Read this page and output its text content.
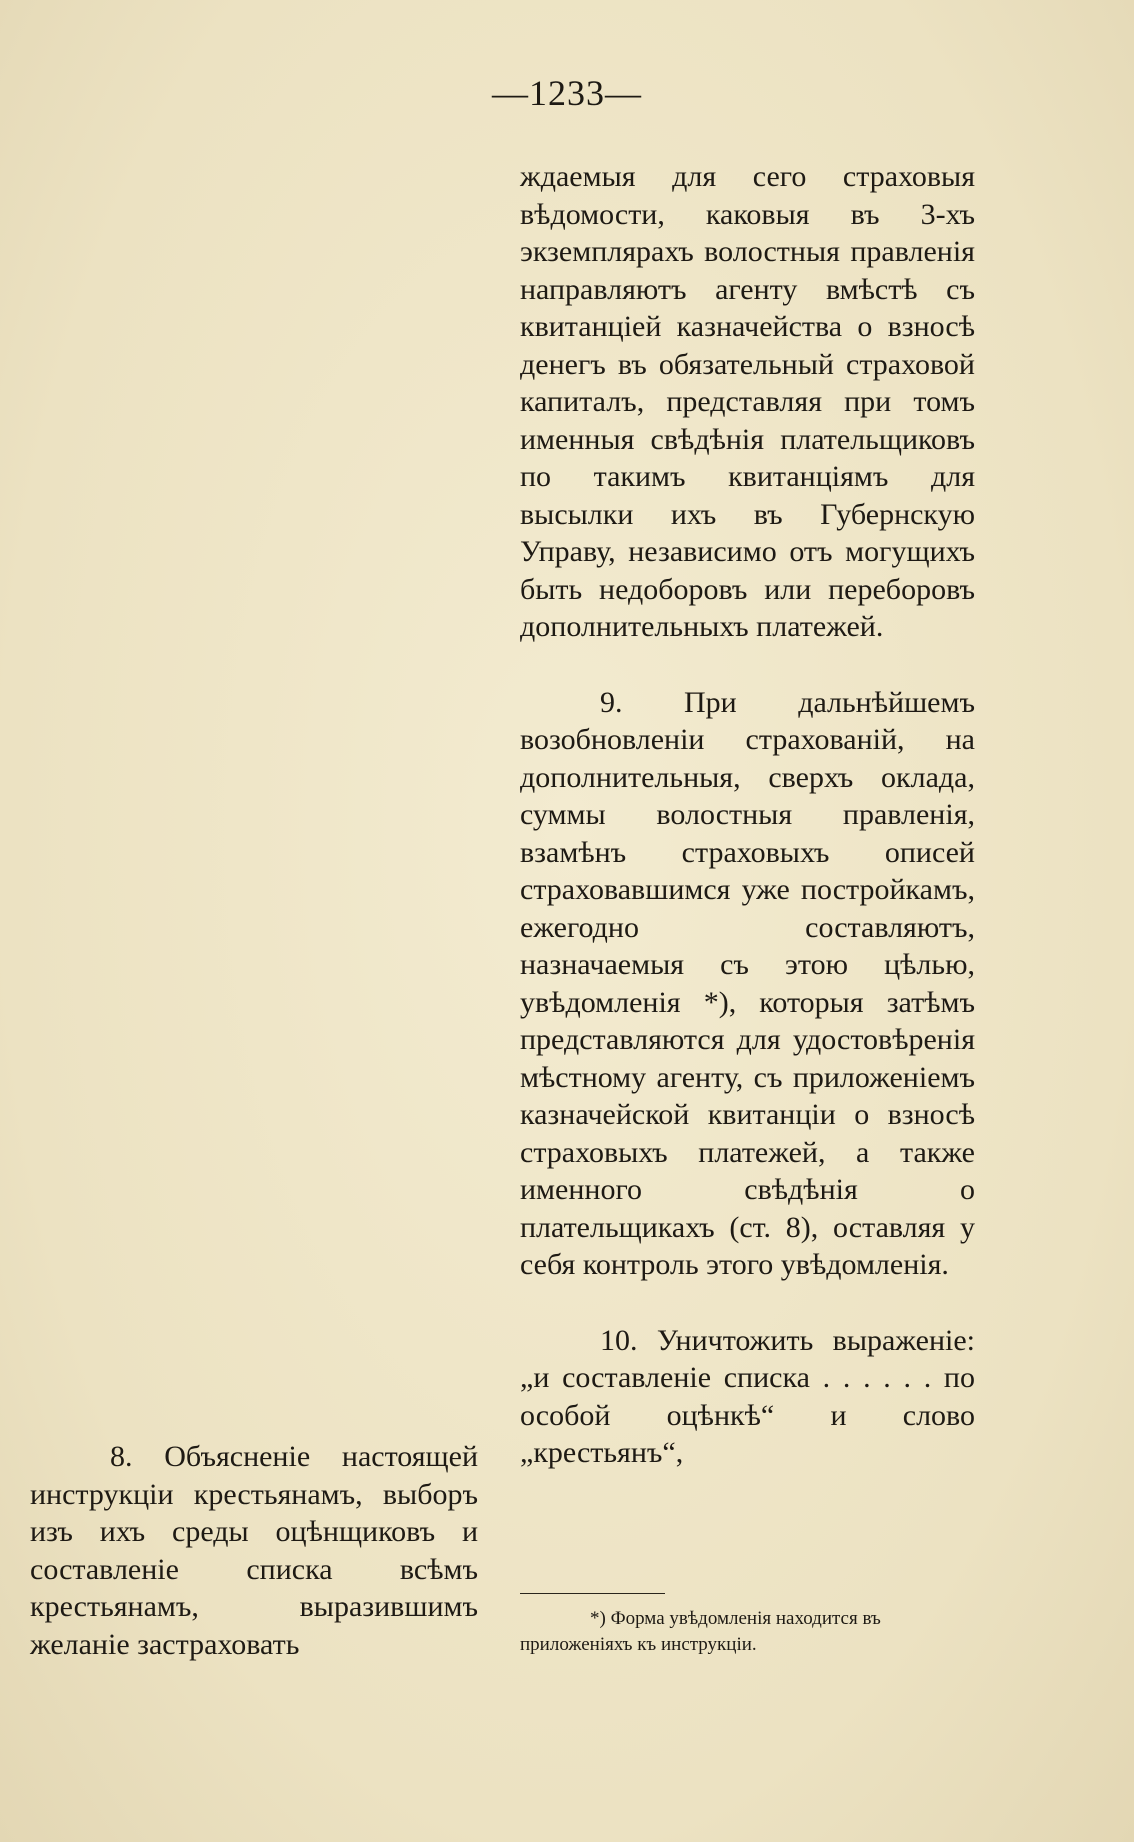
—1233—

ждаемыя для сего страховыя вѣдомости, каковыя въ 3-хъ экземплярахъ волостныя правленія направляютъ агенту вмѣстѣ съ квитанціей казначейства о взносѣ денегъ въ обязательный страховой капиталъ, представляя при томъ именныя свѣдѣнія плательщиковъ по такимъ квитанціямъ для высылки ихъ въ Губернскую Управу, независимо отъ могущихъ быть недоборовъ или переборовъ дополнительныхъ платежей.

9. При дальнѣйшемъ возобновленіи страхованій, на дополнительныя, сверхъ оклада, суммы волостныя правленія, взамѣнъ страховыхъ описей страховавшимся уже постройкамъ, ежегодно составляютъ, назначаемыя съ этою цѣлью, увѣдомленія *), которыя затѣмъ представляются для удостовѣренія мѣстному агенту, съ приложеніемъ казначейской квитанціи о взносѣ страховыхъ платежей, а также именного свѣдѣнія о плательщикахъ (ст. 8), оставляя у себя контроль этого увѣдомленія.

10. Уничтожить выраженіе: „и составленіе списка . . . . . . по особой оцѣнкѣ“ и слово „крестьянъ“,

8. Объясненіе настоящей инструкціи крестьянамъ, выборъ изъ ихъ среды оцѣнщиковъ и составленіе списка всѣмъ крестьянамъ, выразившимъ желаніе застраховать

*) Форма увѣдомленія находится въ приложеніяхъ къ инструкціи.
